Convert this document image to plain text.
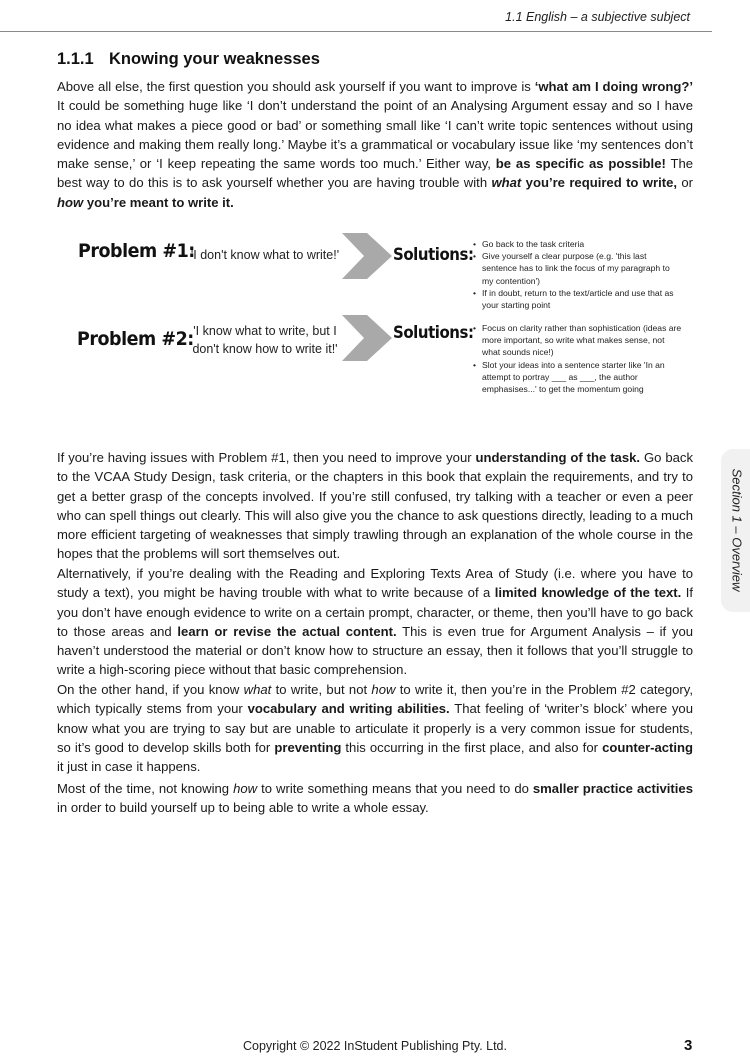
1.1 English – a subjective subject
1.1.1 Knowing your weaknesses

Above all else, the first question you should ask yourself if you want to improve is ‘what am I doing wrong?’ It could be something huge like ‘I don’t understand the point of an Analysing Argument essay and so I have no idea what makes a piece good or bad’ or something small like ‘I can’t write topic sentences without using evidence and making them really long.’ Maybe it’s a grammatical or vocabulary issue like ‘my sentences don’t make sense,’ or ‘I keep repeating the same words too much.’ Either way, be as specific as possible! The best way to do this is to ask yourself whether you are having trouble with what you’re required to write, or how you’re meant to write it.

Problem #1:
'I don't know what to write!'	Solutions:
• Go back to the task criteria
• Give yourself a clear purpose (e.g. 'this last sentence has to link the focus of my paragraph to my contention')
• If in doubt, return to the text/article and use that as your starting point
Problem #2: 'I know what to write, but I don't know how to write it!'
Solutions:
• Focus on clarity rather than sophistication (ideas are more important, so write what makes sense, not what sounds nice!)
• Slot your ideas into a sentence starter like 'In an attempt to portray ___ as ___, the author emphasises...' to get the momentum going

If you’re having issues with Problem #1, then you need to improve your understanding of the task. Go back to the VCAA Study Design, task criteria, or the chapters in this book that explain the requirements, and try to get a better grasp of the concepts involved. If you’re still confused, try talking with a teacher or even a peer who can spell things out clearly. This will also give you the chance to ask questions directly, leading to a much more efficient targeting of weaknesses that simply trawling through an explanation of the whole course in the hopes that the problems will sort themselves out.

Alternatively, if you’re dealing with the Reading and Exploring Texts Area of Study (i.e. where you have to study a text), you might be having trouble with what to write because of a limited knowledge of the text. If you don’t have enough evidence to write on a certain prompt, character, or theme, then you’ll have to go back to those areas and learn or revise the actual content. This is even true for Argument Analysis – if you haven’t understood the material or don’t know how to structure an essay, then it follows that you’ll struggle to write a high-scoring piece without that basic comprehension.

On the other hand, if you know what to write, but not how to write it, then you’re in the Problem #2 category, which typically stems from your vocabulary and writing abilities. That feeling of ‘writer’s block’ where you know what you are trying to say but are unable to articulate it properly is a very common issue for students, so it’s good to develop skills both for preventing this occurring in the first place, and also for counter-acting it just in case it happens.

Most of the time, not knowing how to write something means that you need to do smaller practice activities in order to build yourself up to being able to write a whole essay.

Section 1 – Overview
Copyright © 2022 InStudent Publishing Pty. Ltd.	3
